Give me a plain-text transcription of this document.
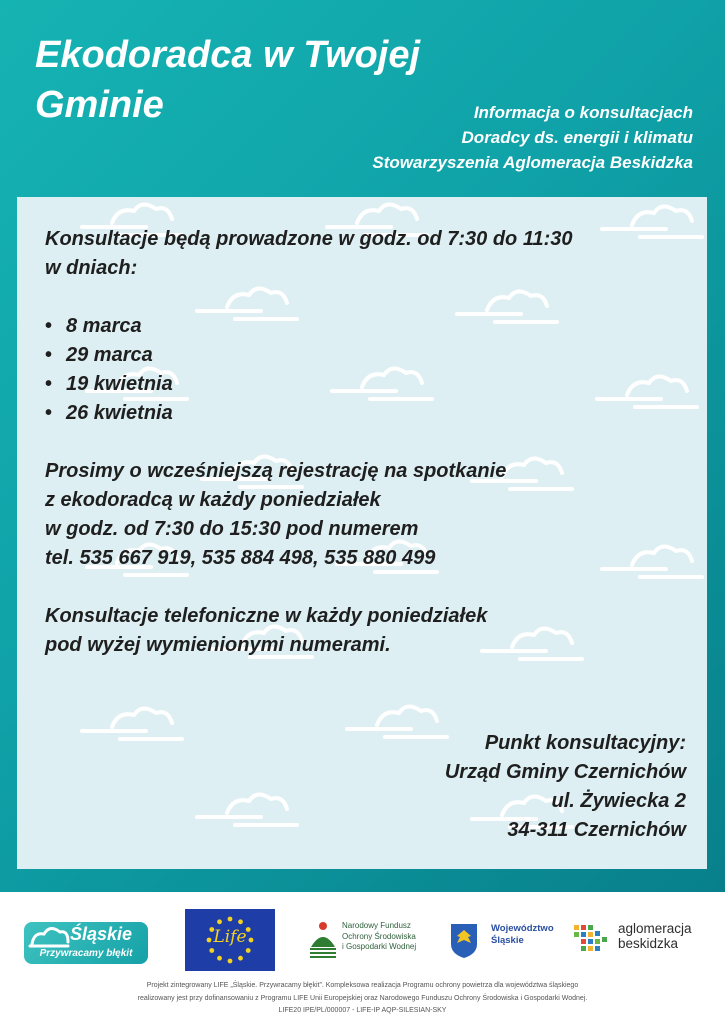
Ekodoradca w Twojej
Gminie	Informacja o konsultacjach
Doradcy ds. energii i klimatu
Stowarzyszenia Aglomeracja Beskidzka

Konsultacje będą prowadzone w godz. od 7:30 do 11:30

w dniach:

• 8 marca
• 29 marca
• 19 kwietnia
• 26 kwietnia

Prosimy o wcześniejszą rejestrację na spotkanie

z ekodoradcą w każdy poniedziałek

w godz. od 7:30 do 15:30 pod numerem

tel. 535 667 919, 535 884 498, 535 880 499

Konsultacje telefoniczne w każdy poniedziałek

pod wyżej wymienionymi numerami.

Punkt konsultacyjny:
Urząd Gminy Czernichów
ul. Żywiecka 2
34-311 Czernichów
Śląskie
Przywracamy błękit
Life
Narodowy Fundusz
Ochrony Środowiska
i Gospodarki Wodnej
Województwo
Śląskie
aglomeracja
beskidzka
Projekt zintegrowany LIFE „Śląskie. Przywracamy błękit”. Kompleksowa realizacja Programu ochrony powietrza dla województwa śląskiego
realizowany jest przy dofinansowaniu z Programu LIFE Unii Europejskiej oraz Narodowego Funduszu Ochrony Środowiska i Gospodarki Wodnej.
LIFE20 IPE/PL/000007 - LIFE-IP AQP-SILESIAN-SKY
